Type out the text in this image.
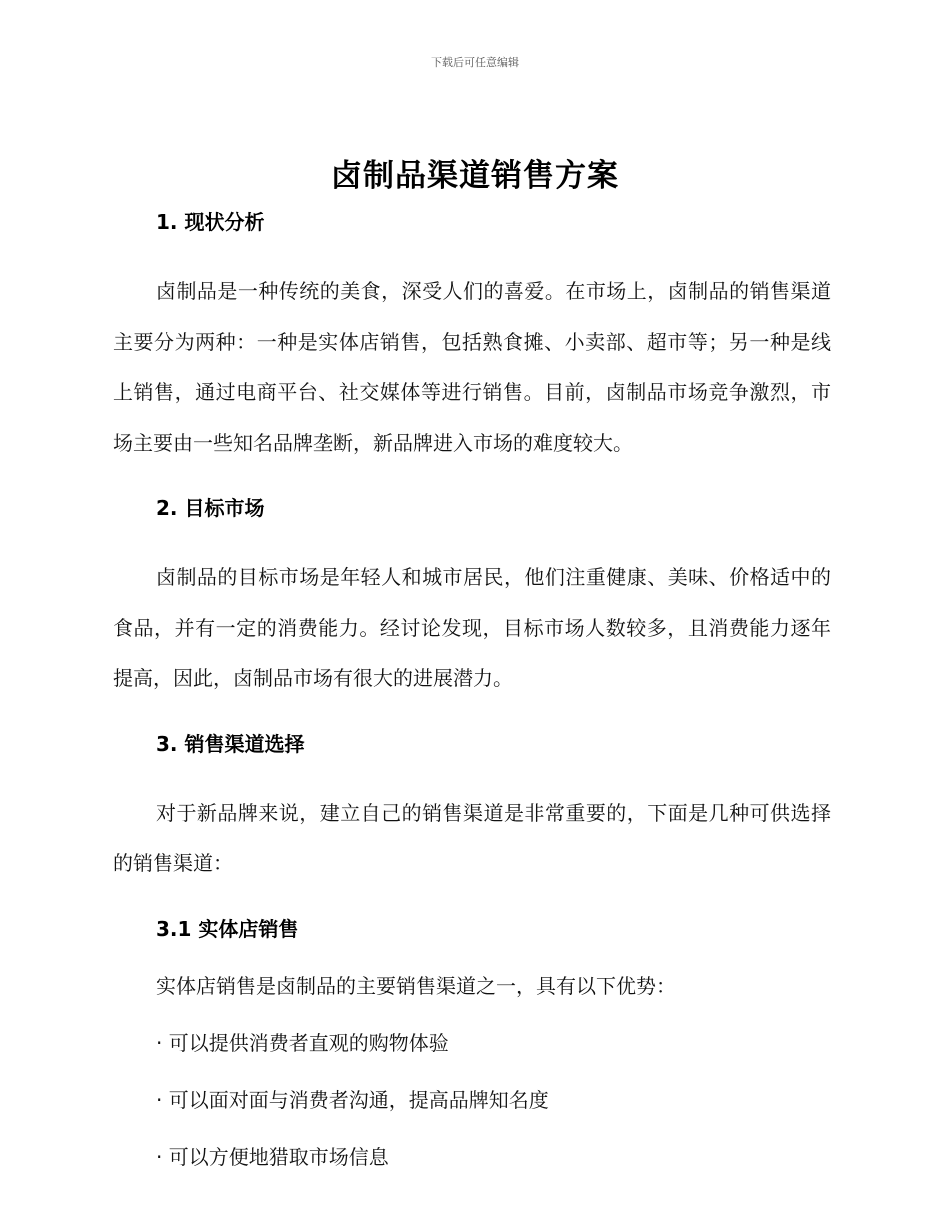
下载后可任意编辑
卤制品渠道销售方案
1. 现状分析

卤制品是一种传统的美食，深受人们的喜爱。在市场上，卤制品的销售渠道主要分为两种：一种是实体店销售，包括熟食摊、小卖部、超市等；另一种是线上销售，通过电商平台、社交媒体等进行销售。目前，卤制品市场竞争激烈，市场主要由一些知名品牌垄断，新品牌进入市场的难度较大。

2. 目标市场

卤制品的目标市场是年轻人和城市居民，他们注重健康、美味、价格适中的食品，并有一定的消费能力。经讨论发现，目标市场人数较多，且消费能力逐年提高，因此，卤制品市场有很大的进展潜力。

3. 销售渠道选择

对于新品牌来说，建立自己的销售渠道是非常重要的，下面是几种可供选择的销售渠道：

3.1 实体店销售

实体店销售是卤制品的主要销售渠道之一，具有以下优势：

· 可以提供消费者直观的购物体验
· 可以面对面与消费者沟通，提高品牌知名度
· 可以方便地猎取市场信息
